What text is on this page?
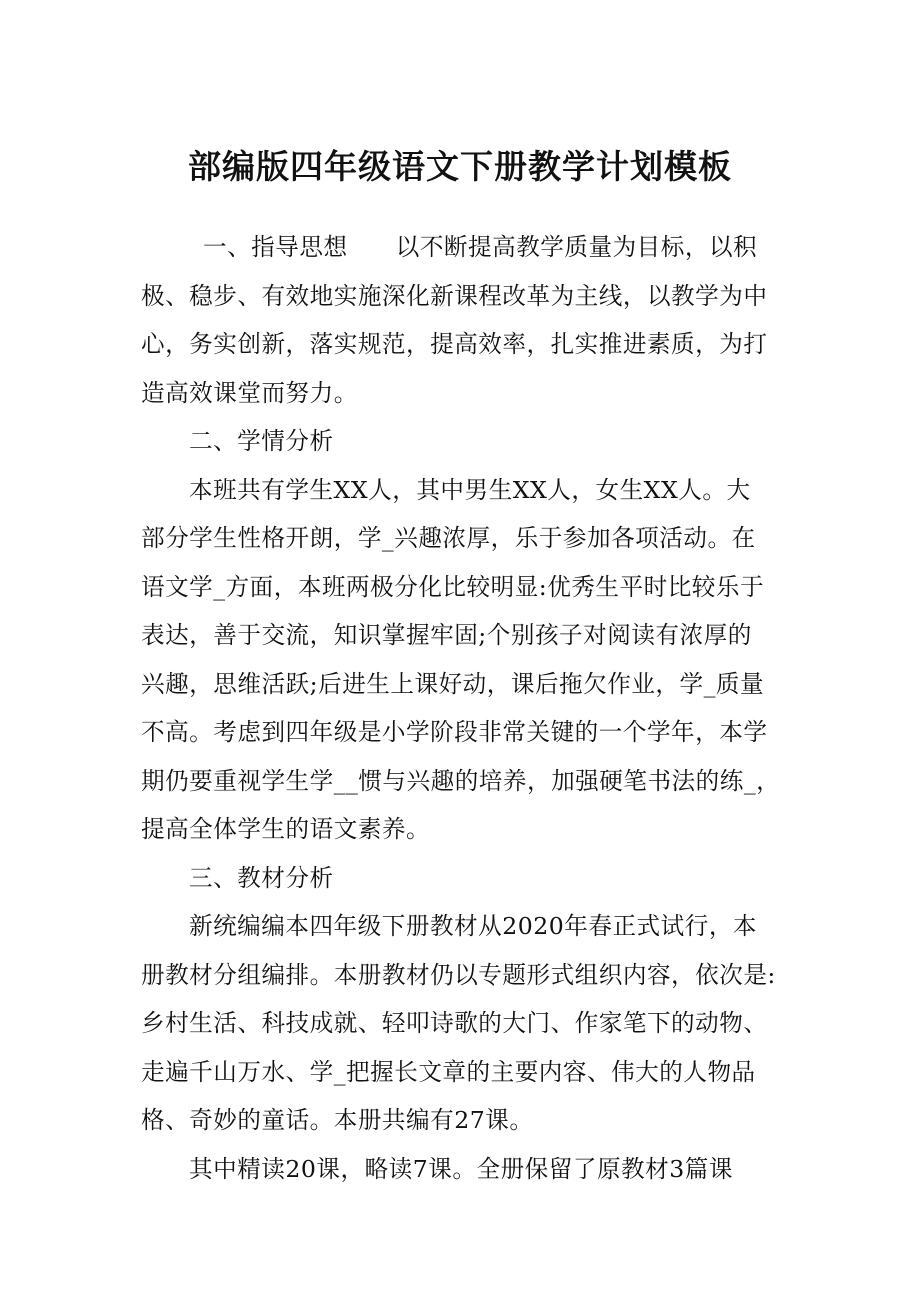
部编版四年级语文下册教学计划模板
一、指导思想　　以不断提高教学质量为目标，以积
极、稳步、有效地实施深化新课程改革为主线，以教学为中
心，务实创新，落实规范，提高效率，扎实推进素质，为打
造高效课堂而努力。
二、学情分析
本班共有学生XX人，其中男生XX人，女生XX人。大
部分学生性格开朗，学_兴趣浓厚，乐于参加各项活动。在
语文学_方面，本班两极分化比较明显:优秀生平时比较乐于
表达，善于交流，知识掌握牢固;个别孩子对阅读有浓厚的
兴趣，思维活跃;后进生上课好动，课后拖欠作业，学_质量
不高。考虑到四年级是小学阶段非常关键的一个学年，本学
期仍要重视学生学__惯与兴趣的培养，加强硬笔书法的练_，
提高全体学生的语文素养。
三、教材分析
新统编编本四年级下册教材从2020年春正式试行，本
册教材分组编排。本册教材仍以专题形式组织内容，依次是:
乡村生活、科技成就、轻叩诗歌的大门、作家笔下的动物、
走遍千山万水、学_把握长文章的主要内容、伟大的人物品
格、奇妙的童话。本册共编有27课。
其中精读20课，略读7课。全册保留了原教材3篇课
